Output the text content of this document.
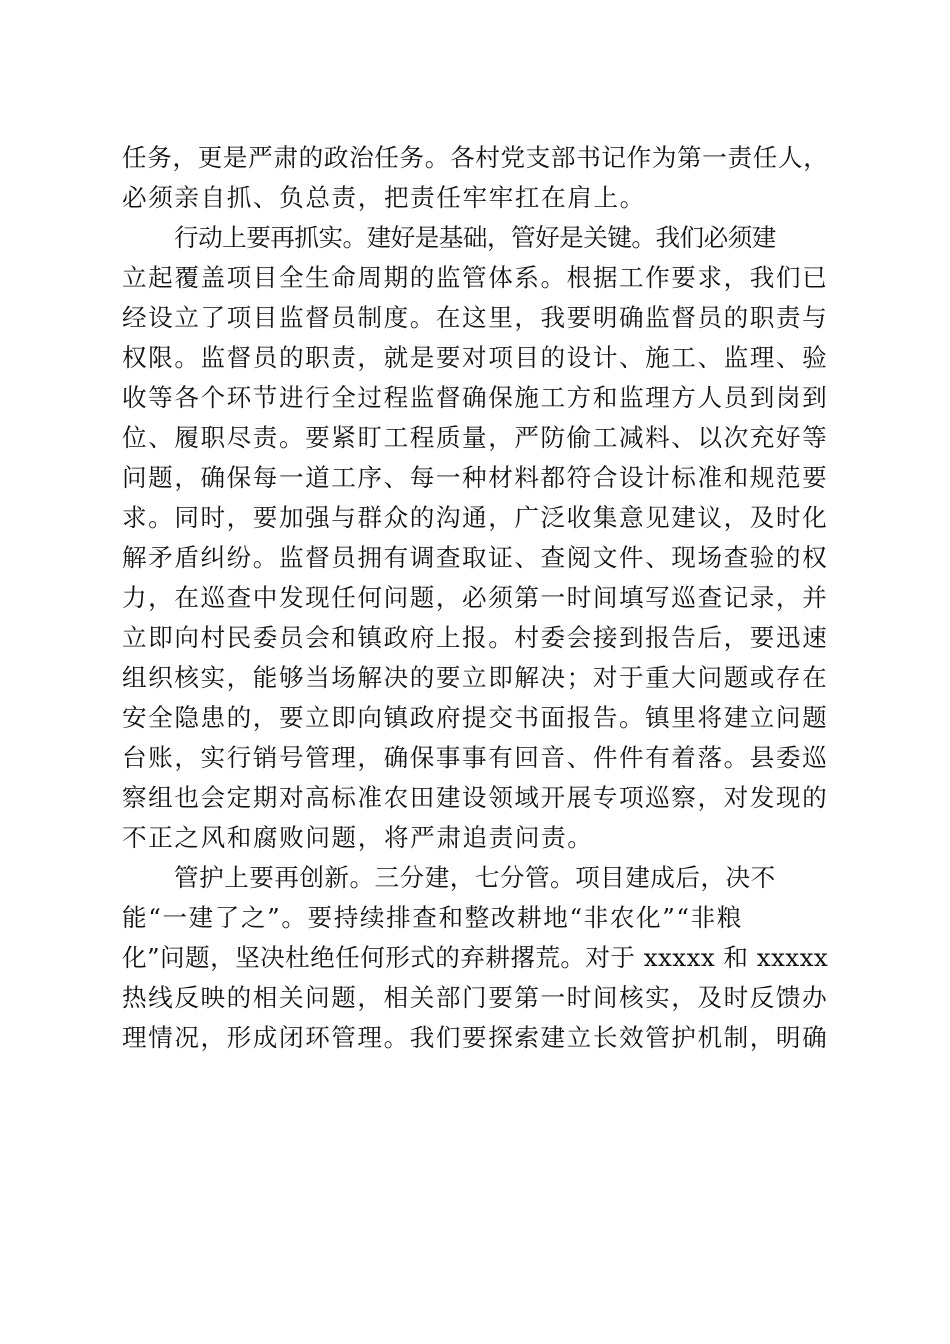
任务，更是严肃的政治任务。各村党支部书记作为第一责任人，
必须亲自抓、负总责，把责任牢牢扛在肩上。

行动上要再抓实。建好是基础，管好是关键。我们必须建
立起覆盖项目全生命周期的监管体系。根据工作要求，我们已
经设立了项目监督员制度。在这里，我要明确监督员的职责与
权限。监督员的职责，就是要对项目的设计、施工、监理、验
收等各个环节进行全过程监督确保施工方和监理方人员到岗到
位、履职尽责。要紧盯工程质量，严防偷工减料、以次充好等
问题，确保每一道工序、每一种材料都符合设计标准和规范要
求。同时，要加强与群众的沟通，广泛收集意见建议，及时化
解矛盾纠纷。监督员拥有调查取证、查阅文件、现场查验的权
力，在巡查中发现任何问题，必须第一时间填写巡查记录，并
立即向村民委员会和镇政府上报。村委会接到报告后，要迅速
组织核实，能够当场解决的要立即解决；对于重大问题或存在
安全隐患的，要立即向镇政府提交书面报告。镇里将建立问题
台账，实行销号管理，确保事事有回音、件件有着落。县委巡
察组也会定期对高标准农田建设领域开展专项巡察，对发现的
不正之风和腐败问题，将严肃追责问责。

管护上要再创新。三分建，七分管。项目建成后，决不
能“一建了之”。要持续排查和整改耕地“非农化”“非粮
化”问题，坚决杜绝任何形式的弃耕撂荒。对于 xxxxx 和 xxxxx
热线反映的相关问题，相关部门要第一时间核实，及时反馈办
理情况，形成闭环管理。我们要探索建立长效管护机制，明确
